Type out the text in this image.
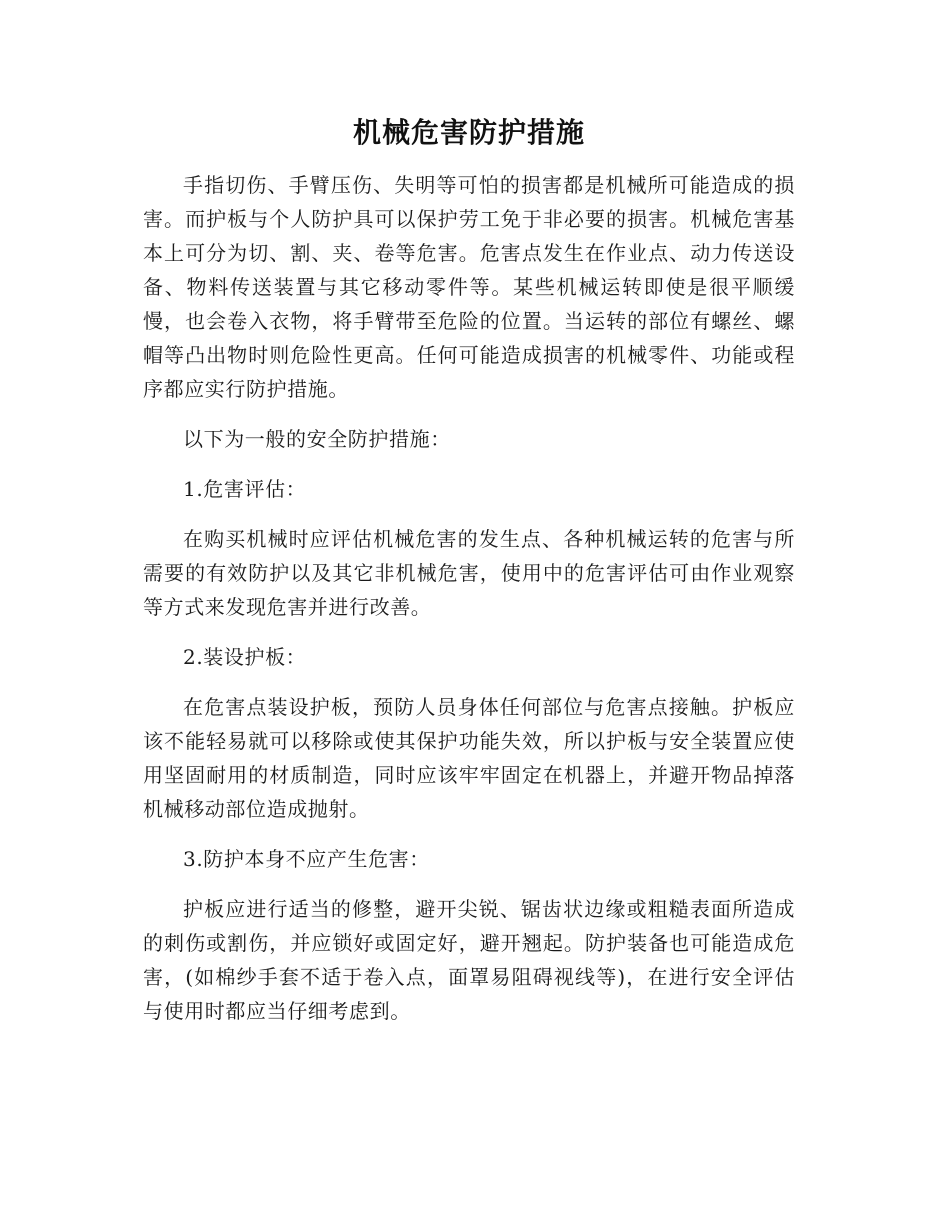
机械危害防护措施

手指切伤、手臂压伤、失明等可怕的损害都是机械所可能造成的损害。而护板与个人防护具可以保护劳工免于非必要的损害。机械危害基本上可分为切、割、夹、卷等危害。危害点发生在作业点、动力传送设备、物料传送装置与其它移动零件等。某些机械运转即使是很平顺缓慢，也会卷入衣物，将手臂带至危险的位置。当运转的部位有螺丝、螺帽等凸出物时则危险性更高。任何可能造成损害的机械零件、功能或程序都应实行防护措施。

以下为一般的安全防护措施：

1.危害评估：

在购买机械时应评估机械危害的发生点、各种机械运转的危害与所需要的有效防护以及其它非机械危害，使用中的危害评估可由作业观察等方式来发现危害并进行改善。

2.装设护板：

在危害点装设护板，预防人员身体任何部位与危害点接触。护板应该不能轻易就可以移除或使其保护功能失效，所以护板与安全装置应使用坚固耐用的材质制造，同时应该牢牢固定在机器上，并避开物品掉落机械移动部位造成抛射。

3.防护本身不应产生危害：

护板应进行适当的修整，避开尖锐、锯齿状边缘或粗糙表面所造成的刺伤或割伤，并应锁好或固定好，避开翘起。防护装备也可能造成危害，(如棉纱手套不适于卷入点，面罩易阻碍视线等)，在进行安全评估与使用时都应当仔细考虑到。
